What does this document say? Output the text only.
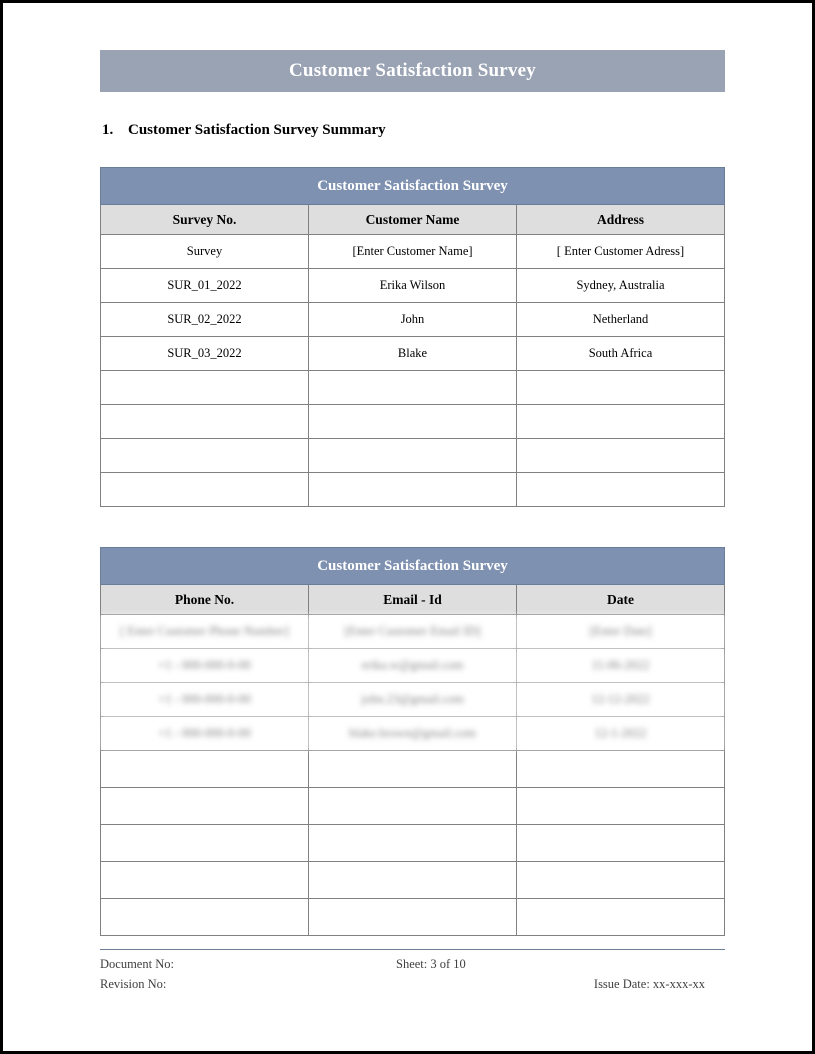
Customer Satisfaction Survey
1. Customer Satisfaction Survey Summary
Customer Satisfaction Survey		
Survey No.	Customer Name	Address
Survey	[Enter Customer Name]	[ Enter Customer Adress]
SUR_01_2022	Erika Wilson	Sydney, Australia
SUR_02_2022	John	Netherland
SUR_03_2022	Blake	South Africa

Customer Satisfaction Survey		
Phone No.	Email - Id	Date
[ Enter Customer Phone Number]	[Enter Customer Email ID]	[Enter Date]
+1 - 000-000-0-00	erika.w@gmail.com	11-06-2022
+1 - 000-000-0-00	john.23@gmail.com	12-12-2022
+1 - 000-000-0-00	blake.brown@gmail.com	12-1-2022

Document No:	Sheet: 3 of 10
Revision No:	Issue Date: xx-xxx-xx
